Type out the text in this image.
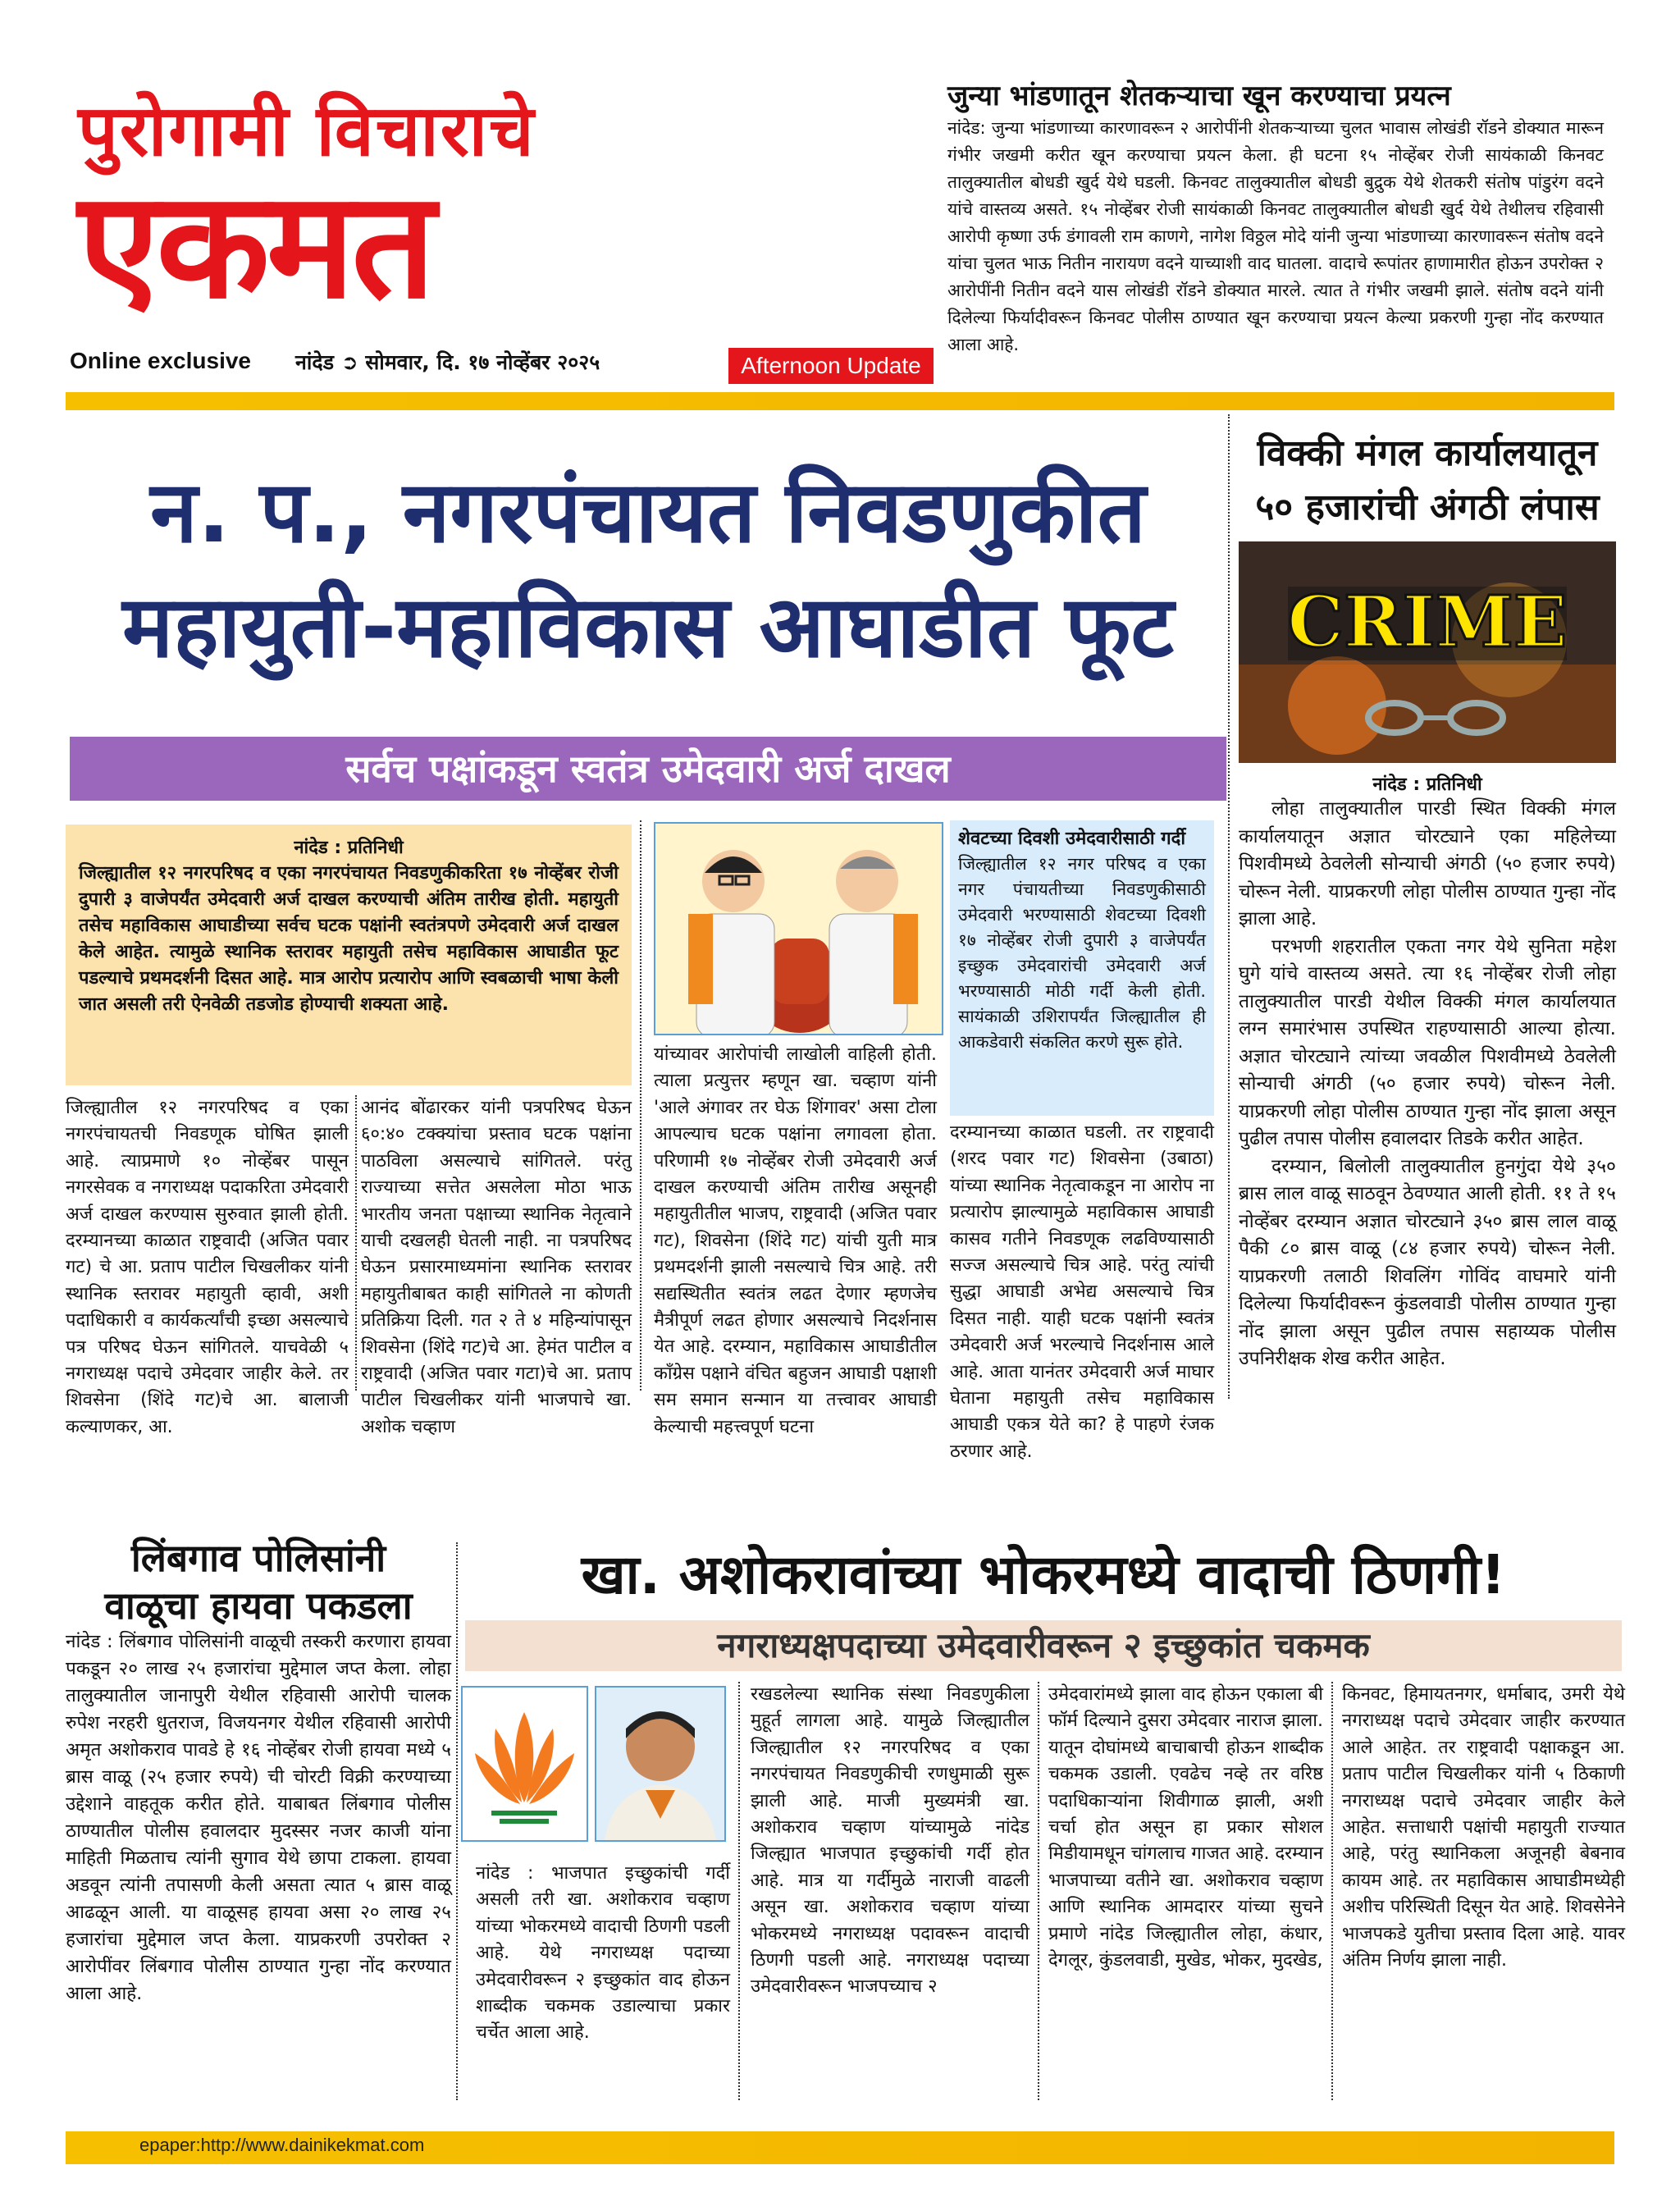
पुरोगामी विचाराचे
एकमत
Online exclusive नांदेड ➲ सोमवार, दि. १७ नोव्हेंबर २०२५	Afternoon Update
जुन्या भांडणातून शेतकऱ्याचा खून करण्याचा प्रयत्न

नांदेड: जुन्या भांडणाच्या कारणावरून २ आरोपींनी शेतकऱ्याच्या चुलत भावास लोखंडी रॉडने डोक्यात मारून गंभीर जखमी करीत खून करण्याचा प्रयत्न केला. ही घटना १५ नोव्हेंबर रोजी सायंकाळी किनवट तालुक्यातील बोधडी खुर्द येथे घडली. किनवट तालुक्यातील बोधडी बुद्रुक येथे शेतकरी संतोष पांडुरंग वदने यांचे वास्तव्य असते. १५ नोव्हेंबर रोजी सायंकाळी किनवट तालुक्यातील बोधडी खुर्द येथे तेथीलच रहिवासी आरोपी कृष्णा उर्फ डंगावली राम काणगे, नागेश विठ्ठल मोदे यांनी जुन्या भांडणाच्या कारणावरून संतोष वदने यांचा चुलत भाऊ नितीन नारायण वदने याच्याशी वाद घातला. वादाचे रूपांतर हाणामारीत होऊन उपरोक्त २ आरोपींनी नितीन वदने यास लोखंडी रॉडने डोक्यात मारले. त्यात ते गंभीर जखमी झाले. संतोष वदने यांनी दिलेल्या फिर्यादीवरून किनवट पोलीस ठाण्यात खून करण्याचा प्रयत्न केल्या प्रकरणी गुन्हा नोंद करण्यात आला आहे.

न. प., नगरपंचायत निवडणुकीत
महायुती-महाविकास आघाडीत फूट
सर्वच पक्षांकडून स्वतंत्र उमेदवारी अर्ज दाखल
नांदेड : प्रतिनिधी

जिल्ह्यातील १२ नगरपरिषद व एका नगरपंचायत निवडणुकीकरिता १७ नोव्हेंबर रोजी दुपारी ३ वाजेपर्यंत उमेदवारी अर्ज दाखल करण्याची अंतिम तारीख होती. महायुती तसेच महाविकास आघाडीच्या सर्वच घटक पक्षांनी स्वतंत्रपणे उमेदवारी अर्ज दाखल केले आहेत. त्यामुळे स्थानिक स्तरावर महायुती तसेच महाविकास आघाडीत फूट पडल्याचे प्रथमदर्शनी दिसत आहे. मात्र आरोप प्रत्यारोप आणि स्वबळाची भाषा केली जात असली तरी ऐनवेळी तडजोड होण्याची शक्यता आहे.

शेवटच्या दिवशी उमेदवारीसाठी गर्दी

जिल्ह्यातील १२ नगर परिषद व एका नगर पंचायतीच्या निवडणुकीसाठी उमेदवारी भरण्यासाठी शेवटच्या दिवशी १७ नोव्हेंबर रोजी दुपारी ३ वाजेपर्यंत इच्छुक उमेदवारांची उमेदवारी अर्ज भरण्यासाठी मोठी गर्दी केली होती. सायंकाळी उशिरापर्यंत जिल्ह्यातील ही आकडेवारी संकलित करणे सुरू होते.

जिल्ह्यातील १२ नगरपरिषद व एका नगरपंचायतची निवडणूक घोषित झाली आहे. त्याप्रमाणे १० नोव्हेंबर पासून नगरसेवक व नगराध्यक्ष पदाकरिता उमेदवारी अर्ज दाखल करण्यास सुरुवात झाली होती. दरम्यानच्या काळात राष्ट्रवादी (अजित पवार गट) चे आ. प्रताप पाटील चिखलीकर यांनी स्थानिक स्तरावर महायुती व्हावी, अशी पदाधिकारी व कार्यकर्त्यांची इच्छा असल्याचे पत्र परिषद घेऊन सांगितले. याचवेळी ५ नगराध्यक्ष पदाचे उमेदवार जाहीर केले. तर शिवसेना (शिंदे गट)चे आ. बालाजी कल्याणकर, आ.

आनंद बोंढारकर यांनी पत्रपरिषद घेऊन ६०:४० टक्क्यांचा प्रस्ताव घटक पक्षांना पाठविला असल्याचे सांगितले. परंतु राज्याच्या सत्तेत असलेला मोठा भाऊ भारतीय जनता पक्षाच्या स्थानिक नेतृत्वाने याची दखलही घेतली नाही. ना पत्रपरिषद घेऊन प्रसारमाध्यमांना स्थानिक स्तरावर महायुतीबाबत काही सांगितले ना कोणती प्रतिक्रिया दिली. गत २ ते ४ महिन्यांपासून शिवसेना (शिंदे गट)चे आ. हेमंत पाटील व राष्ट्रवादी (अजित पवार गटा)चे आ. प्रताप पाटील चिखलीकर यांनी भाजपाचे खा. अशोक चव्हाण

यांच्यावर आरोपांची लाखोली वाहिली होती. त्याला प्रत्युत्तर म्हणून खा. चव्हाण यांनी 'आले अंगावर तर घेऊ शिंगावर' असा टोला आपल्याच घटक पक्षांना लगावला होता. परिणामी १७ नोव्हेंबर रोजी उमेदवारी अर्ज दाखल करण्याची अंतिम तारीख असूनही महायुतीतील भाजप, राष्ट्रवादी (अजित पवार गट), शिवसेना (शिंदे गट) यांची युती मात्र प्रथमदर्शनी झाली नसल्याचे चित्र आहे. तरी सद्यस्थितीत स्वतंत्र लढत देणार म्हणजेच मैत्रीपूर्ण लढत होणार असल्याचे निदर्शनास येत आहे. दरम्यान, महाविकास आघाडीतील काँग्रेस पक्षाने वंचित बहुजन आघाडी पक्षाशी सम समान सन्मान या तत्त्वावर आघाडी केल्याची महत्त्वपूर्ण घटना

दरम्यानच्या काळात घडली. तर राष्ट्रवादी (शरद पवार गट) शिवसेना (उबाठा) यांच्या स्थानिक नेतृत्वाकडून ना आरोप ना प्रत्यारोप झाल्यामुळे महाविकास आघाडी कासव गतीने निवडणूक लढविण्यासाठी सज्ज असल्याचे चित्र आहे. परंतु त्यांची सुद्धा आघाडी अभेद्य असल्याचे चित्र दिसत नाही. याही घटक पक्षांनी स्वतंत्र उमेदवारी अर्ज भरल्याचे निदर्शनास आले आहे. आता यानंतर उमेदवारी अर्ज माघार घेताना महायुती तसेच महाविकास आघाडी एकत्र येते का? हे पाहणे रंजक ठरणार आहे.

विक्की मंगल कार्यालयातून ५० हजारांची अंगठी लंपास
CRIME
नांदेड : प्रतिनिधी

लोहा तालुक्यातील पारडी स्थित विक्की मंगल कार्यालयातून अज्ञात चोरट्याने एका महिलेच्या पिशवीमध्ये ठेवलेली सोन्याची अंगठी (५० हजार रुपये) चोरून नेली. याप्रकरणी लोहा पोलीस ठाण्यात गुन्हा नोंद झाला आहे.

परभणी शहरातील एकता नगर येथे सुनिता महेश घुगे यांचे वास्तव्य असते. त्या १६ नोव्हेंबर रोजी लोहा तालुक्यातील पारडी येथील विक्की मंगल कार्यालयात लग्न समारंभास उपस्थित राहण्यासाठी आल्या होत्या. अज्ञात चोरट्याने त्यांच्या जवळील पिशवीमध्ये ठेवलेली सोन्याची अंगठी (५० हजार रुपये) चोरून नेली. याप्रकरणी लोहा पोलीस ठाण्यात गुन्हा नोंद झाला असून पुढील तपास पोलीस हवालदार तिडके करीत आहेत.

दरम्यान, बिलोली तालुक्यातील हुनगुंदा येथे ३५० ब्रास लाल वाळू साठवून ठेवण्यात आली होती. ११ ते १५ नोव्हेंबर दरम्यान अज्ञात चोरट्याने ३५० ब्रास लाल वाळू पैकी ८० ब्रास वाळू (८४ हजार रुपये) चोरून नेली. याप्रकरणी तलाठी शिवलिंग गोविंद वाघमारे यांनी दिलेल्या फिर्यादीवरून कुंडलवाडी पोलीस ठाण्यात गुन्हा नोंद झाला असून पुढील तपास सहाय्यक पोलीस उपनिरीक्षक शेख करीत आहेत.

लिंबगाव पोलिसांनी
वाळूचा हायवा पकडला

नांदेड : लिंबगाव पोलिसांनी वाळूची तस्करी करणारा हायवा पकडून २० लाख २५ हजारांचा मुद्देमाल जप्त केला. लोहा तालुक्यातील जानापुरी येथील रहिवासी आरोपी चालक रुपेश नरहरी धुतराज, विजयनगर येथील रहिवासी आरोपी अमृत अशोकराव पावडे हे १६ नोव्हेंबर रोजी हायवा मध्ये ५ ब्रास वाळू (२५ हजार रुपये) ची चोरटी विक्री करण्याच्या उद्देशाने वाहतूक करीत होते. याबाबत लिंबगाव पोलीस ठाण्यातील पोलीस हवालदार मुदस्सर नजर काजी यांना माहिती मिळताच त्यांनी सुगाव येथे छापा टाकला. हायवा अडवून त्यांनी तपासणी केली असता त्यात ५ ब्रास वाळू आढळून आली. या वाळूसह हायवा असा २० लाख २५ हजारांचा मुद्देमाल जप्त केला. याप्रकरणी उपरोक्त २ आरोपींवर लिंबगाव पोलीस ठाण्यात गुन्हा नोंद करण्यात आला आहे.

खा. अशोकरावांच्या भोकरमध्ये वादाची ठिणगी!
नगराध्यक्षपदाच्या उमेदवारीवरून २ इच्छुकांत चकमक

नांदेड : भाजपात इच्छुकांची गर्दी असली तरी खा. अशोकराव चव्हाण यांच्या भोकरमध्ये वादाची ठिणगी पडली आहे. येथे नगराध्यक्ष पदाच्या उमेदवारीवरून २ इच्छुकांत वाद होऊन शाब्दीक चकमक उडाल्याचा प्रकार चर्चेत आला आहे.

रखडलेल्या स्थानिक संस्था निवडणुकीला मुहूर्त लागला आहे. यामुळे जिल्ह्यातील जिल्ह्यातील १२ नगरपरिषद व एका नगरपंचायत निवडणुकीची रणधुमाळी सुरू झाली आहे. माजी मुख्यमंत्री खा. अशोकराव चव्हाण यांच्यामुळे नांदेड जिल्ह्यात भाजपात इच्छुकांची गर्दी होत आहे. मात्र या गर्दीमुळे नाराजी वाढली असून खा. अशोकराव चव्हाण यांच्या भोकरमध्ये नगराध्यक्ष पदावरून वादाची ठिणगी पडली आहे. नगराध्यक्ष पदाच्या उमेदवारीवरून भाजपच्याच २

उमेदवारांमध्ये झाला वाद होऊन एकाला बी फॉर्म दिल्याने दुसरा उमेदवार नाराज झाला. यातून दोघांमध्ये बाचाबाची होऊन शाब्दीक चकमक उडाली. एवढेच नव्हे तर वरिष्ठ पदाधिकाऱ्यांना शिवीगाळ झाली, अशी चर्चा होत असून हा प्रकार सोशल मिडीयामधून चांगलाच गाजत आहे. दरम्यान भाजपाच्या वतीने खा. अशोकराव चव्हाण आणि स्थानिक आमदारर यांच्या सुचने प्रमाणे नांदेड जिल्ह्यातील लोहा, कंधार, देगलूर, कुंडलवाडी, मुखेड, भोकर, मुदखेड,

किनवट, हिमायतनगर, धर्माबाद, उमरी येथे नगराध्यक्ष पदाचे उमेदवार जाहीर करण्यात आले आहेत. तर राष्ट्रवादी पक्षाकडून आ. प्रताप पाटील चिखलीकर यांनी ५ ठिकाणी नगराध्यक्ष पदाचे उमेदवार जाहीर केले आहेत. सत्ताधारी पक्षांची महायुती राज्यात आहे, परंतु स्थानिकला अजूनही बेबनाव कायम आहे. तर महाविकास आघाडीमध्येही अशीच परिस्थिती दिसून येत आहे. शिवसेनेने भाजपकडे युतीचा प्रस्ताव दिला आहे. यावर अंतिम निर्णय झाला नाही.

epaper:http://www.dainikekmat.com
